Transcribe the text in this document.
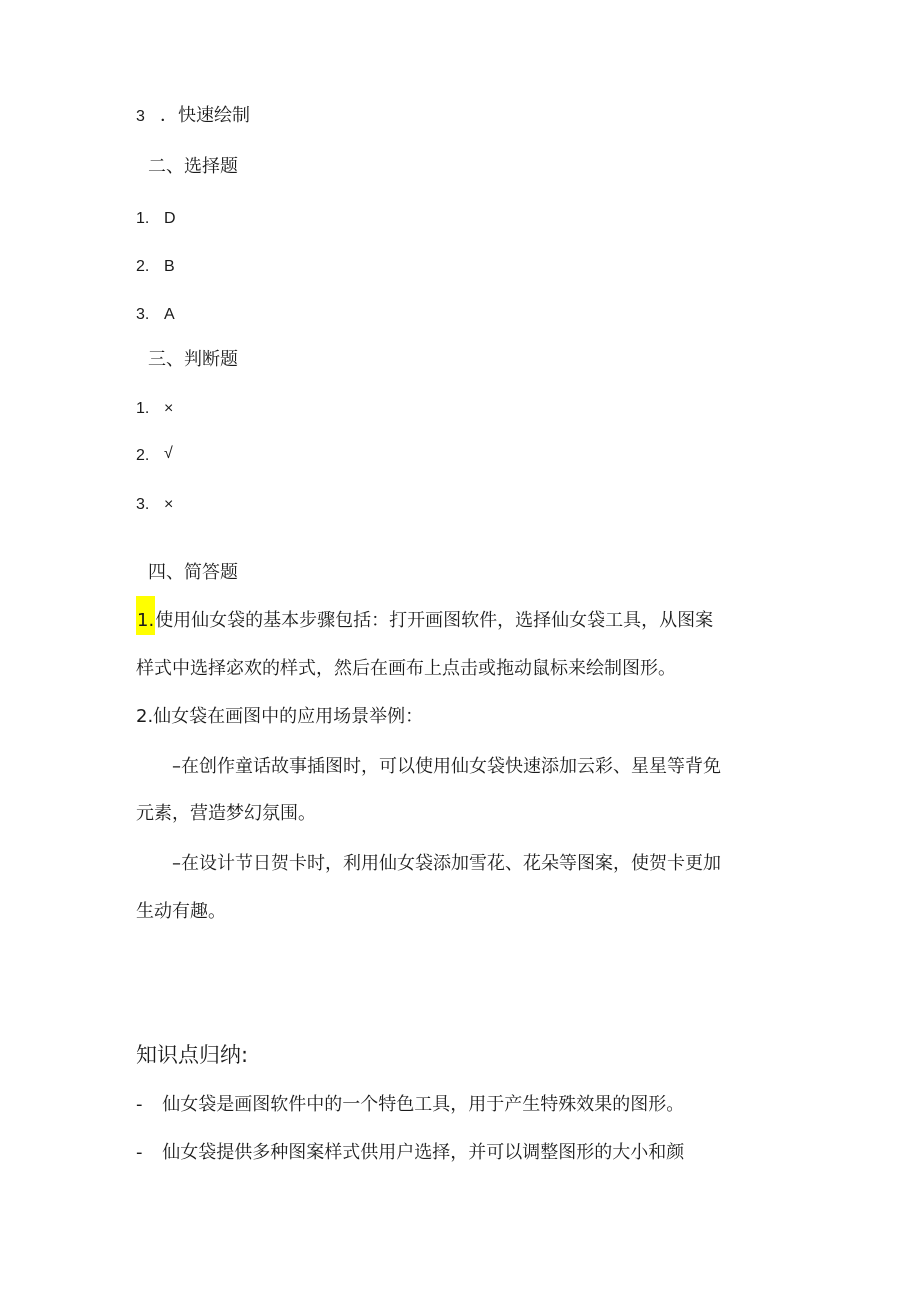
3 ．快速绘制
二、选择题
1. D
2. B
3. A
三、判断题
1. ×
2. √
3. ×
四、简答题
1.使用仙女袋的基本步骤包括：打开画图软件，选择仙女袋工具，从图案
样式中选择宓欢的样式，然后在画布上点击或拖动鼠标来绘制图形。
2.仙女袋在画图中的应用场景举例：
–在创作童话故事插图时，可以使用仙女袋快速添加云彩、星星等背免
元素，营造梦幻氛围。
–在设计节日贺卡时，利用仙女袋添加雪花、花朵等图案，使贺卡更加
生动有趣。
知识点归纳:
- 仙女袋是画图软件中的一个特色工具，用于产生特殊效果的图形。
- 仙女袋提供多种图案样式供用户选择，并可以调整图形的大小和颜
